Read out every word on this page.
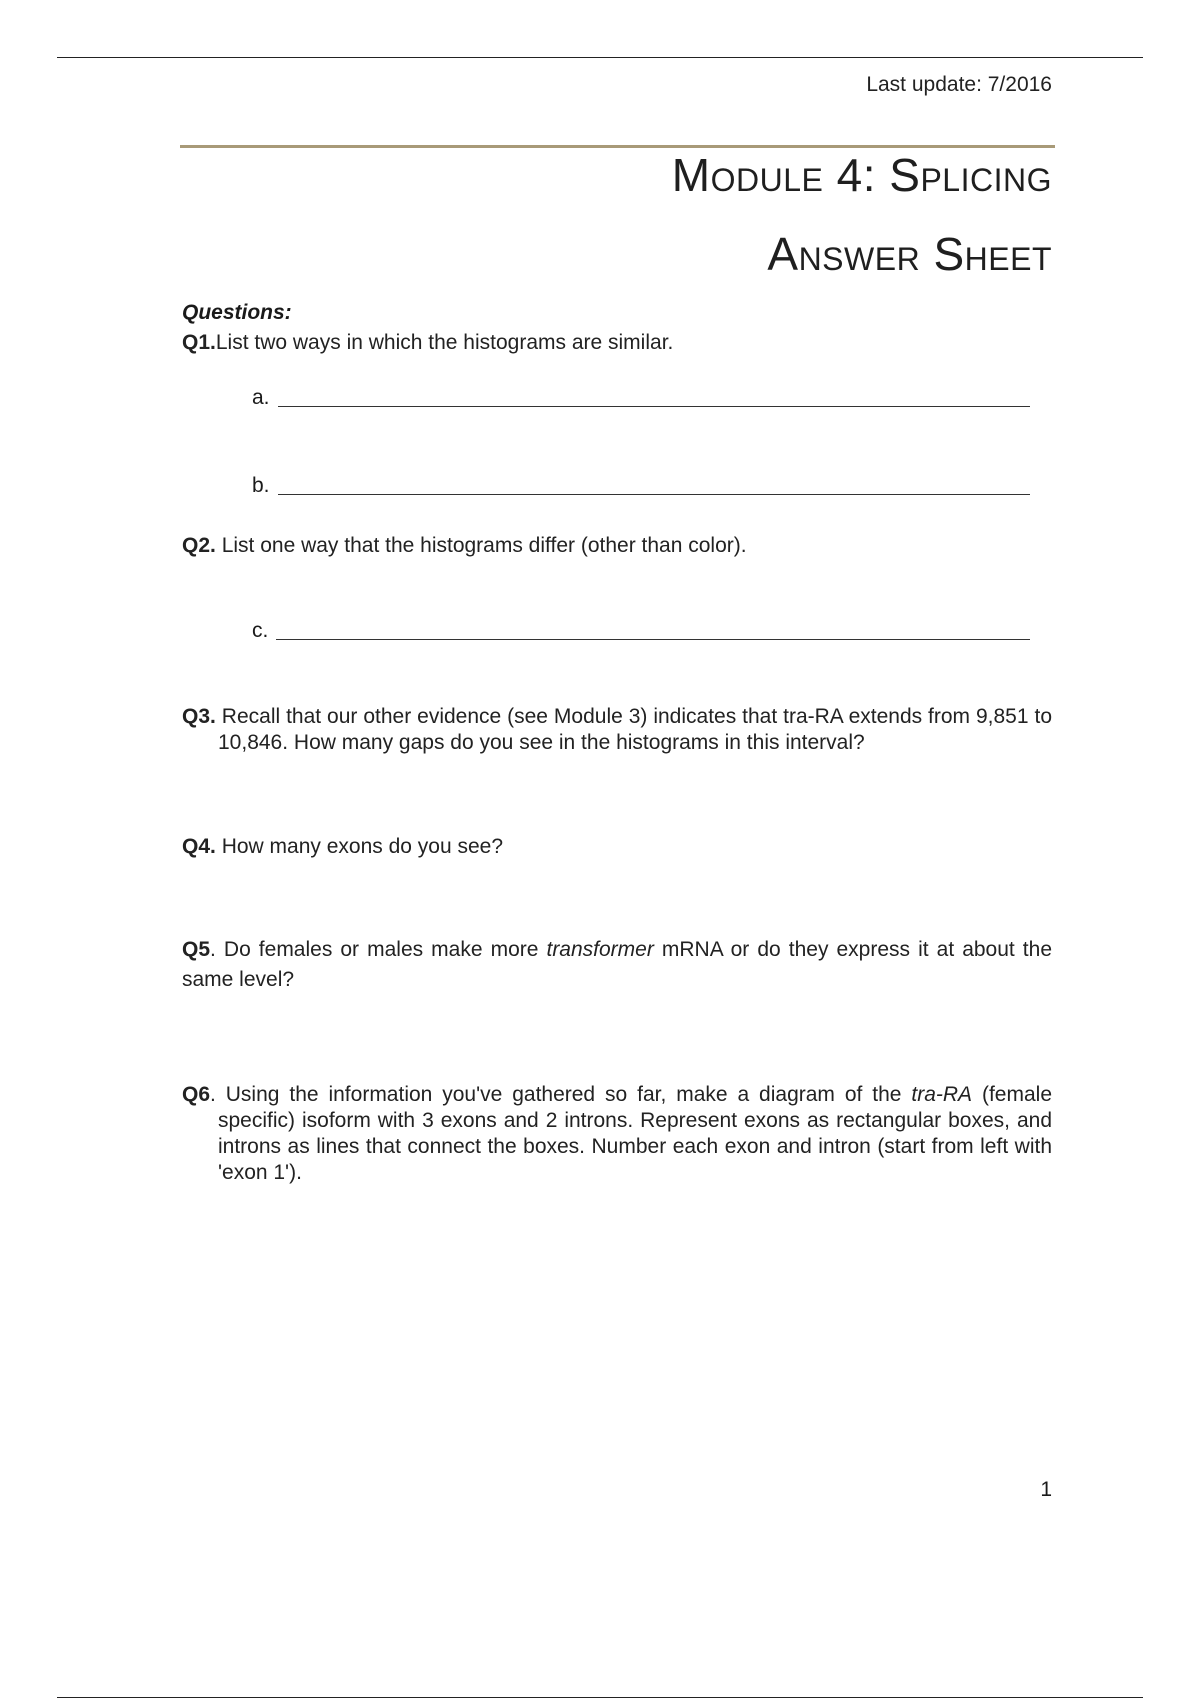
Last update: 7/2016
Module 4: Splicing
Answer Sheet
Questions:
Q1.List two ways in which the histograms are similar.
a.
b.
Q2. List one way that the histograms differ (other than color).
c.
Q3. Recall that our other evidence (see Module 3) indicates that tra-RA extends from 9,851 to 10,846. How many gaps do you see in the histograms in this interval?
Q4. How many exons do you see?
Q5. Do females or males make more transformer mRNA or do they express it at about the same level?
Q6. Using the information you've gathered so far, make a diagram of the tra-RA (female specific) isoform with 3 exons and 2 introns. Represent exons as rectangular boxes, and introns as lines that connect the boxes. Number each exon and intron (start from left with 'exon 1').
1
